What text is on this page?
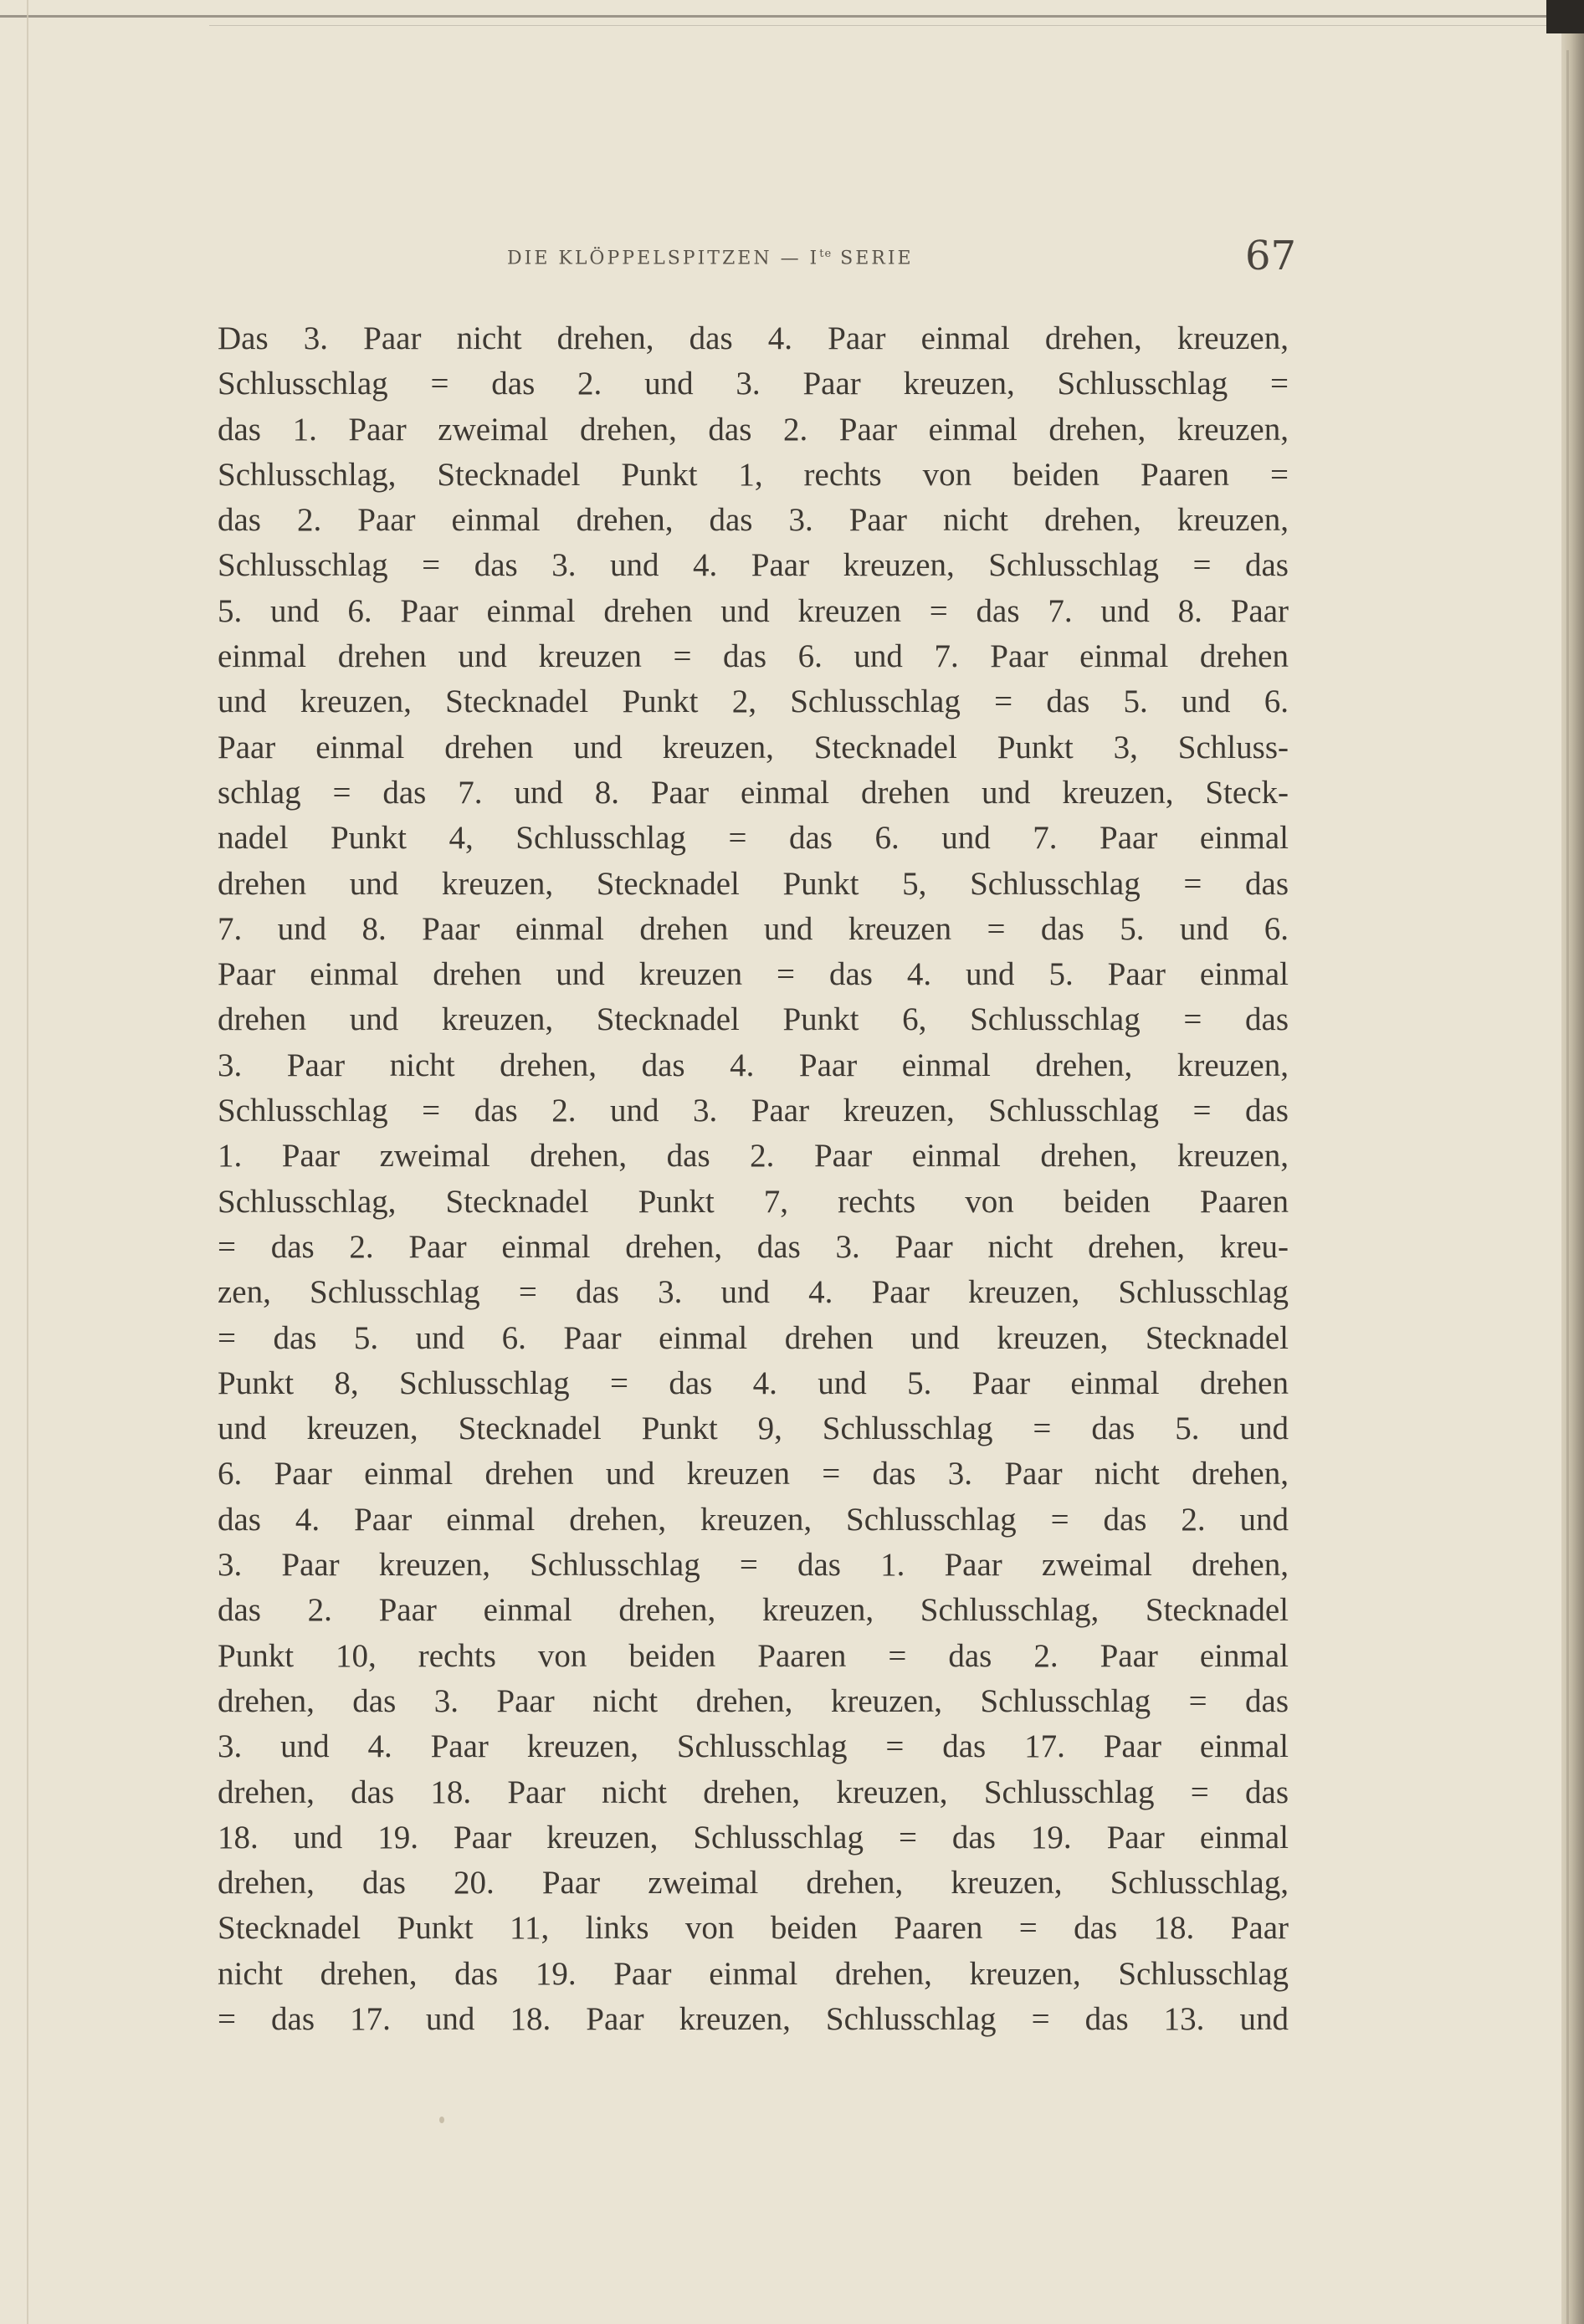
DIE KLÖPPELSPITZEN — $I^{te}$ SERIE	67
Das 3. Paar nicht drehen, das 4. Paar einmal drehen, kreuzen,
Schlusschlag = das 2. und 3. Paar kreuzen, Schlusschlag =
das 1. Paar zweimal drehen, das 2. Paar einmal drehen, kreuzen,
Schlusschlag, Stecknadel Punkt 1, rechts von beiden Paaren =
das 2. Paar einmal drehen, das 3. Paar nicht drehen, kreuzen,
Schlusschlag = das 3. und 4. Paar kreuzen, Schlusschlag = das
5. und 6. Paar einmal drehen und kreuzen = das 7. und 8. Paar
einmal drehen und kreuzen = das 6. und 7. Paar einmal drehen
und kreuzen, Stecknadel Punkt 2, Schlusschlag = das 5. und 6.
Paar einmal drehen und kreuzen, Stecknadel Punkt 3, Schluss-
schlag = das 7. und 8. Paar einmal drehen und kreuzen, Steck-
nadel Punkt 4, Schlusschlag = das 6. und 7. Paar einmal
drehen und kreuzen, Stecknadel Punkt 5, Schlusschlag = das
7. und 8. Paar einmal drehen und kreuzen = das 5. und 6.
Paar einmal drehen und kreuzen = das 4. und 5. Paar einmal
drehen und kreuzen, Stecknadel Punkt 6, Schlusschlag = das
3. Paar nicht drehen, das 4. Paar einmal drehen, kreuzen,
Schlusschlag = das 2. und 3. Paar kreuzen, Schlusschlag = das
1. Paar zweimal drehen, das 2. Paar einmal drehen, kreuzen,
Schlusschlag, Stecknadel Punkt 7, rechts von beiden Paaren
= das 2. Paar einmal drehen, das 3. Paar nicht drehen, kreu-
zen, Schlusschlag = das 3. und 4. Paar kreuzen, Schlusschlag
= das 5. und 6. Paar einmal drehen und kreuzen, Stecknadel
Punkt 8, Schlusschlag = das 4. und 5. Paar einmal drehen
und kreuzen, Stecknadel Punkt 9, Schlusschlag = das 5. und
6. Paar einmal drehen und kreuzen = das 3. Paar nicht drehen,
das 4. Paar einmal drehen, kreuzen, Schlusschlag = das 2. und
3. Paar kreuzen, Schlusschlag = das 1. Paar zweimal drehen,
das 2. Paar einmal drehen, kreuzen, Schlusschlag, Stecknadel
Punkt 10, rechts von beiden Paaren = das 2. Paar einmal
drehen, das 3. Paar nicht drehen, kreuzen, Schlusschlag = das
3. und 4. Paar kreuzen, Schlusschlag = das 17. Paar einmal
drehen, das 18. Paar nicht drehen, kreuzen, Schlusschlag = das
18. und 19. Paar kreuzen, Schlusschlag = das 19. Paar einmal
drehen, das 20. Paar zweimal drehen, kreuzen, Schlusschlag,
Stecknadel Punkt 11, links von beiden Paaren = das 18. Paar
nicht drehen, das 19. Paar einmal drehen, kreuzen, Schlusschlag
= das 17. und 18. Paar kreuzen, Schlusschlag = das 13. und
